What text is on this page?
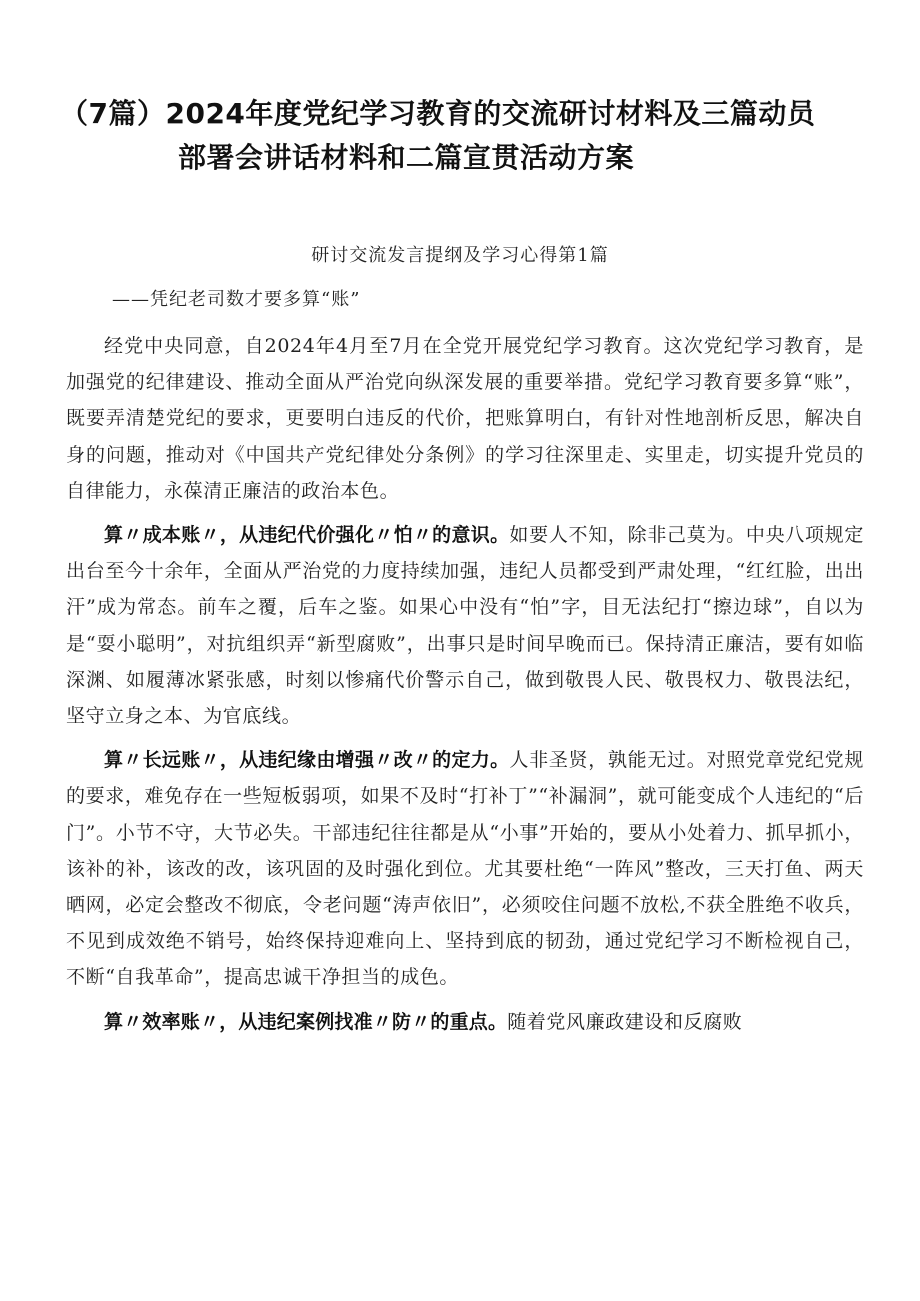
（7篇）2024年度党纪学习教育的交流研讨材料及三篇动员
部署会讲话材料和二篇宣贯活动方案
研讨交流发言提纲及学习心得第1篇
——凭纪老司数才要多算“账”

经党中央同意，自2024年4月至7月在全党开展党纪学习教育。这次党纪学习教育，是加强党的纪律建设、推动全面从严治党向纵深发展的重要举措。党纪学习教育要多算“账”，既要弄清楚党纪的要求，更要明白违反的代价，把账算明白，有针对性地剖析反思，解决自身的问题，推动对《中国共产党纪律处分条例》的学习往深里走、实里走，切实提升党员的自律能力，永葆清正廉洁的政治本色。

算〃成本账〃，从违纪代价强化〃怕〃的意识。如要人不知，除非己莫为。中央八项规定出台至今十余年，全面从严治党的力度持续加强，违纪人员都受到严肃处理，“红红脸，出出汗”成为常态。前车之覆，后车之鉴。如果心中没有“怕”字，目无法纪打“擦边球”，自以为是“耍小聪明”，对抗组织弄“新型腐败”，出事只是时间早晚而已。保持清正廉洁，要有如临深渊、如履薄冰紧张感，时刻以惨痛代价警示自己，做到敬畏人民、敬畏权力、敬畏法纪，坚守立身之本、为官底线。

算〃长远账〃，从违纪缘由增强〃改〃的定力。人非圣贤，孰能无过。对照党章党纪党规的要求，难免存在一些短板弱项，如果不及时“打补丁”“补漏洞”，就可能变成个人违纪的“后门”。小节不守，大节必失。干部违纪往往都是从“小事”开始的，要从小处着力、抓早抓小，该补的补，该改的改，该巩固的及时强化到位。尤其要杜绝“一阵风”整改，三天打鱼、两天晒网，必定会整改不彻底，令老问题“涛声依旧”，必须咬住问题不放松,不获全胜绝不收兵，不见到成效绝不销号，始终保持迎难向上、坚持到底的韧劲，通过党纪学习不断检视自己，不断“自我革命”，提高忠诚干净担当的成色。

算〃效率账〃，从违纪案例找准〃防〃的重点。随着党风廉政建设和反腐败
